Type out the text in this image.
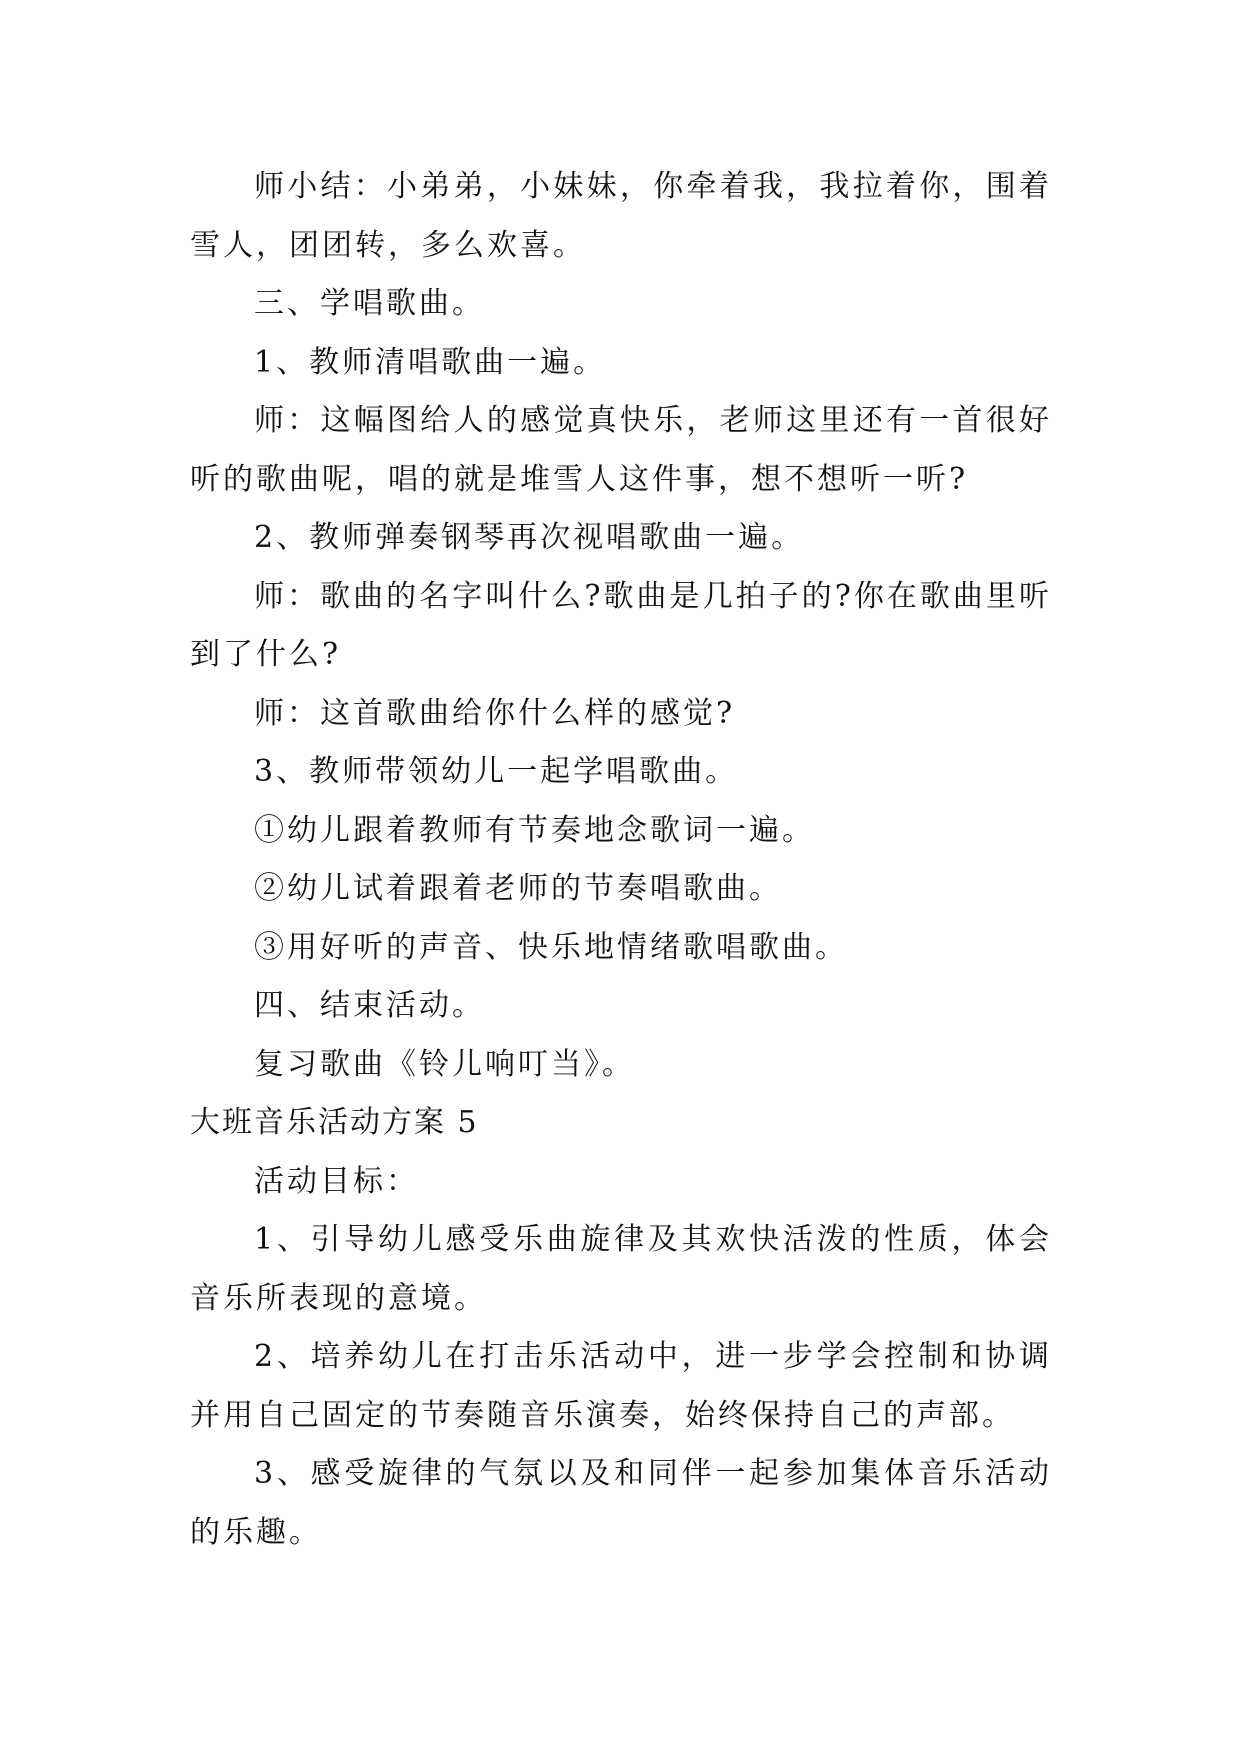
师小结：小弟弟，小妹妹，你牵着我，我拉着你，围着雪人，团团转，多么欢喜。

三、学唱歌曲。

1、教师清唱歌曲一遍。

师：这幅图给人的感觉真快乐，老师这里还有一首很好听的歌曲呢，唱的就是堆雪人这件事，想不想听一听?

2、教师弹奏钢琴再次视唱歌曲一遍。

师：歌曲的名字叫什么?歌曲是几拍子的?你在歌曲里听到了什么?

师：这首歌曲给你什么样的感觉?

3、教师带领幼儿一起学唱歌曲。

①幼儿跟着教师有节奏地念歌词一遍。

②幼儿试着跟着老师的节奏唱歌曲。

③用好听的声音、快乐地情绪歌唱歌曲。

四、结束活动。

复习歌曲《铃儿响叮当》。

大班音乐活动方案 5

活动目标：

1、引导幼儿感受乐曲旋律及其欢快活泼的性质，体会音乐所表现的意境。

2、培养幼儿在打击乐活动中，进一步学会控制和协调并用自己固定的节奏随音乐演奏，始终保持自己的声部。

3、感受旋律的气氛以及和同伴一起参加集体音乐活动的乐趣。
